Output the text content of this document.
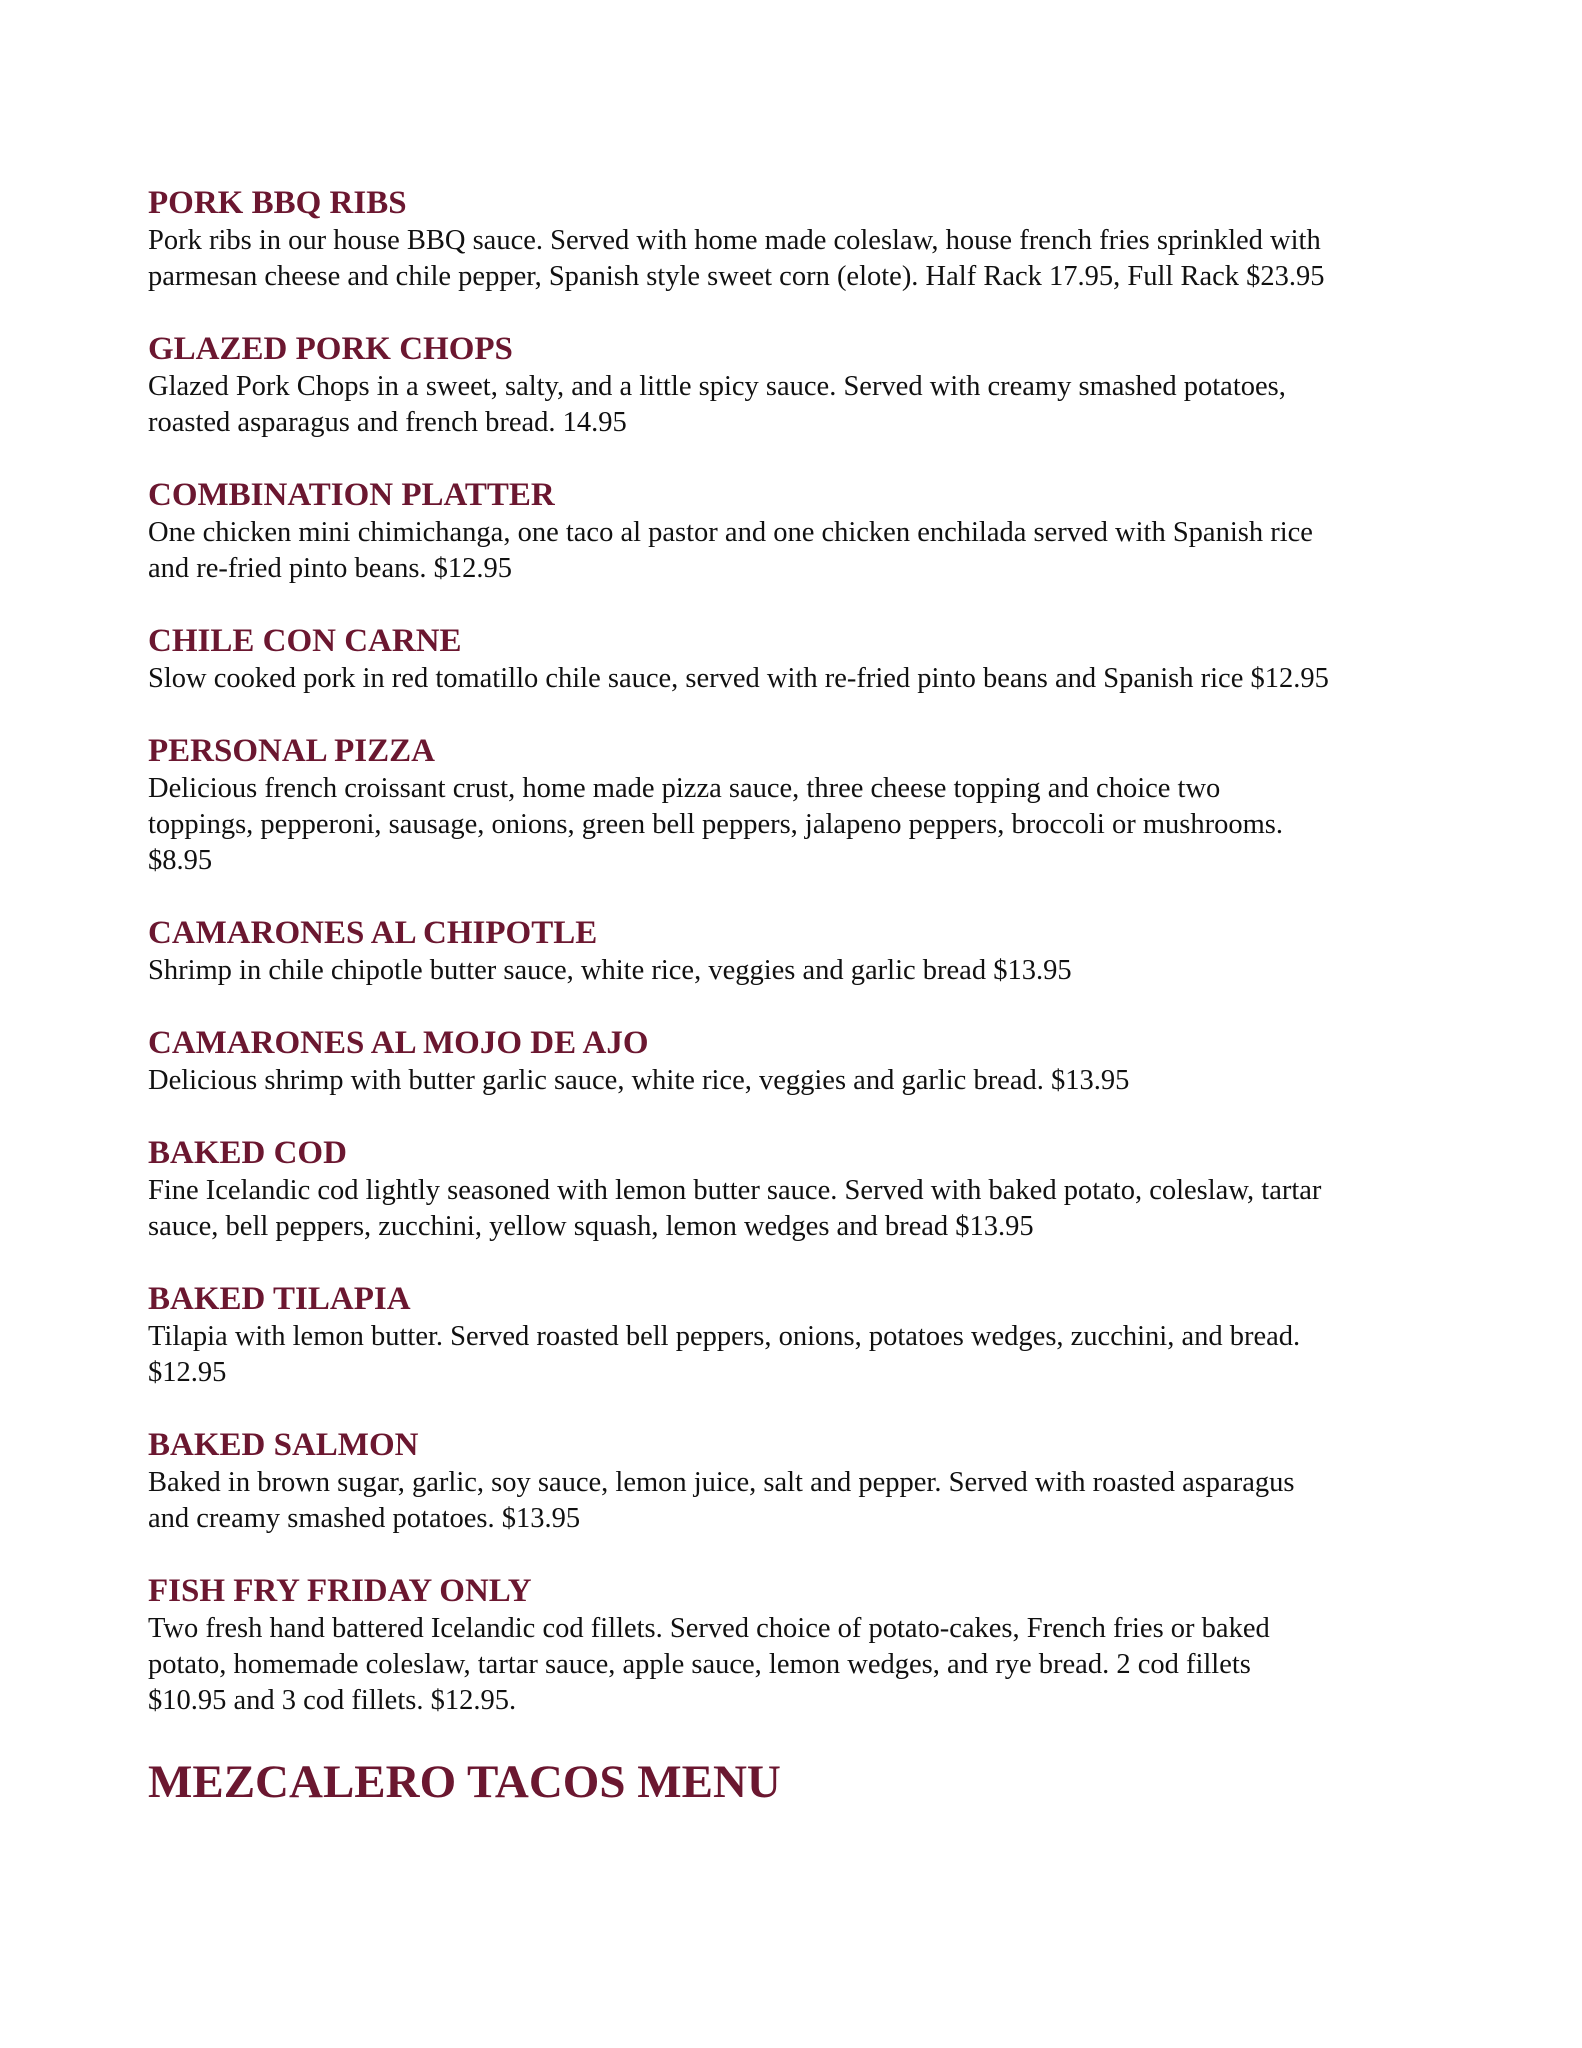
PORK BBQ RIBS

Pork ribs in our house BBQ sauce. Served with home made coleslaw, house french fries sprinkled with
parmesan cheese and chile pepper, Spanish style sweet corn (elote). Half Rack 17.95, Full Rack $23.95

GLAZED PORK CHOPS

Glazed Pork Chops in a sweet, salty, and a little spicy sauce. Served with creamy smashed potatoes,
roasted asparagus and french bread. 14.95

COMBINATION PLATTER

One chicken mini chimichanga, one taco al pastor and one chicken enchilada served with Spanish rice
and re-fried pinto beans. $12.95

CHILE CON CARNE

Slow cooked pork in red tomatillo chile sauce, served with re-fried pinto beans and Spanish rice $12.95

PERSONAL PIZZA

Delicious french croissant crust, home made pizza sauce, three cheese topping and choice two
toppings, pepperoni, sausage, onions, green bell peppers, jalapeno peppers, broccoli or mushrooms.
$8.95

CAMARONES AL CHIPOTLE

Shrimp in chile chipotle butter sauce, white rice, veggies and garlic bread $13.95

CAMARONES AL MOJO DE AJO

Delicious shrimp with butter garlic sauce, white rice, veggies and garlic bread. $13.95

BAKED COD

Fine Icelandic cod lightly seasoned with lemon butter sauce. Served with baked potato, coleslaw, tartar
sauce, bell peppers, zucchini, yellow squash, lemon wedges and bread $13.95

BAKED TILAPIA

Tilapia with lemon butter. Served roasted bell peppers, onions, potatoes wedges, zucchini, and bread.
$12.95

BAKED SALMON

Baked in brown sugar, garlic, soy sauce, lemon juice, salt and pepper. Served with roasted asparagus
and creamy smashed potatoes. $13.95

FISH FRY FRIDAY ONLY

Two fresh hand battered Icelandic cod fillets. Served choice of potato-cakes, French fries or baked
potato, homemade coleslaw, tartar sauce, apple sauce, lemon wedges, and rye bread. 2 cod fillets
$10.95 and 3 cod fillets. $12.95.

MEZCALERO TACOS MENU
